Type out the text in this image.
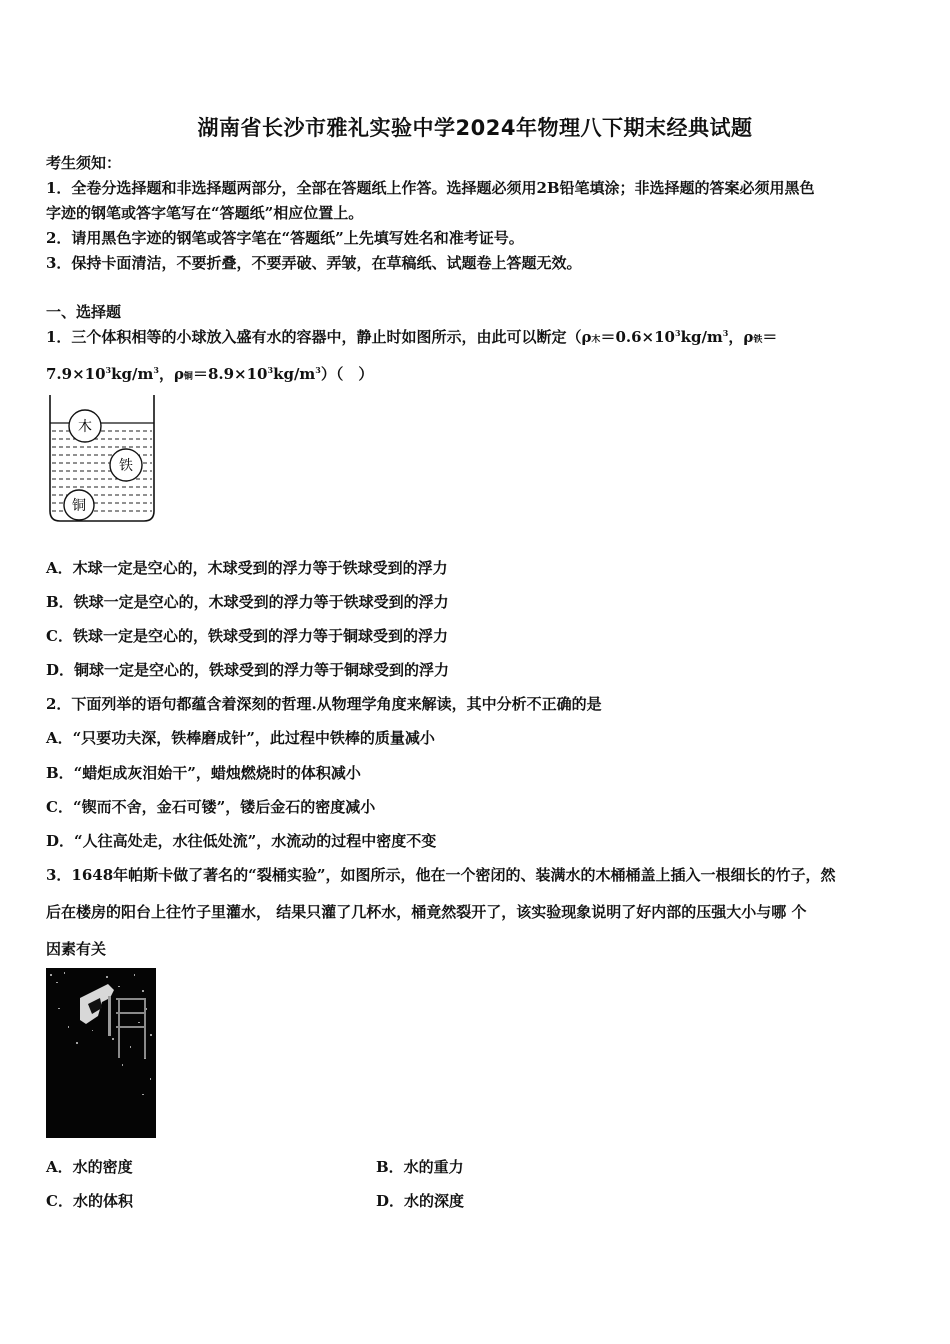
湖南省长沙市雅礼实验中学2024年物理八下期末经典试题
考生须知：
1．全卷分选择题和非选择题两部分，全部在答题纸上作答。选择题必须用2B铅笔填涂；非选择题的答案必须用黑色
字迹的钢笔或答字笔写在“答题纸”相应位置上。
2．请用黑色字迹的钢笔或答字笔在“答题纸”上先填写姓名和准考证号。
3．保持卡面清洁，不要折叠，不要弄破、弄皱，在草稿纸、试题卷上答题无效。
一、选择题
1．三个体积相等的小球放入盛有水的容器中，静止时如图所示，由此可以断定（ρ木$=0.6\times 10^3kg/m^3$，ρ铁＝
$7.9\times 10^3kg/m^3$，ρ铜$=8.9\times 10^3kg/m^3$）（　）
木
铁
铜
A．木球一定是空心的，木球受到的浮力等于铁球受到的浮力
B．铁球一定是空心的，木球受到的浮力等于铁球受到的浮力
C．铁球一定是空心的，铁球受到的浮力等于铜球受到的浮力
D．铜球一定是空心的，铁球受到的浮力等于铜球受到的浮力
2．下面列举的语句都蕴含着深刻的哲理.从物理学角度来解读，其中分析不正确的是
A．“只要功夫深，铁棒磨成针”，此过程中铁棒的质量减小
B．“蜡炬成灰泪始干”，蜡烛燃烧时的体积减小
C．“锲而不舍，金石可镂”，镂后金石的密度减小
D．“人往高处走，水往低处流”，水流动的过程中密度不变
3．1648年帕斯卡做了著名的“裂桶实验”，如图所示，他在一个密闭的、装满水的木桶桶盖上插入一根细长的竹子，然
后在楼房的阳台上往竹子里灌水， 结果只灌了几杯水，桶竟然裂开了，该实验现象说明了好内部的压强大小与哪 个
因素有关
A．水的密度	B．水的重力
C．水的体积	D．水的深度
